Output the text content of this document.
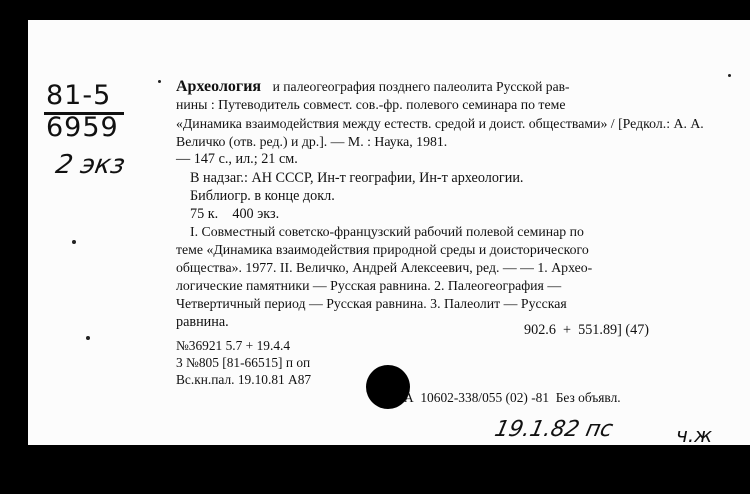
81-5
6959
2 экз
Археология и палеогеография позднего палеолита Русской рав-
нины : Путеводитель совмест. сов.-фр. полевого семинара по теме
«Динамика взаимодействия между естеств. средой и доист. обществами» / [Редкол.: А. А. Величко (отв. ред.) и др.]. — М. : Наука, 1981.
— 147 с., ил.; 21 см.
В надзаг.: АН СССР, Ин-т географии, Ин-т археологии.
Библиогр. в конце докл.
75 к.    400 экз.
I. Совместный советско-французский рабочий полевой семинар по
теме «Динамика взаимодействия природной среды и доисторического
общества». 1977. II. Величко, Андрей Алексеевич, ред. — — 1. Архео-
логические памятники — Русская равнина. 2. Палеогеография —
Четвертичный период — Русская равнина. 3. Палеолит — Русская
равнина.	902.6  +  551.89] (47)
№36921 5.7 + 19.4.4
3 №805 [81-66515] п оп
Вс.кн.пал. 19.10.81 А87
А  10602-338/055 (02) -81  Без объявл.
19.1.82 пс	ч.ж
